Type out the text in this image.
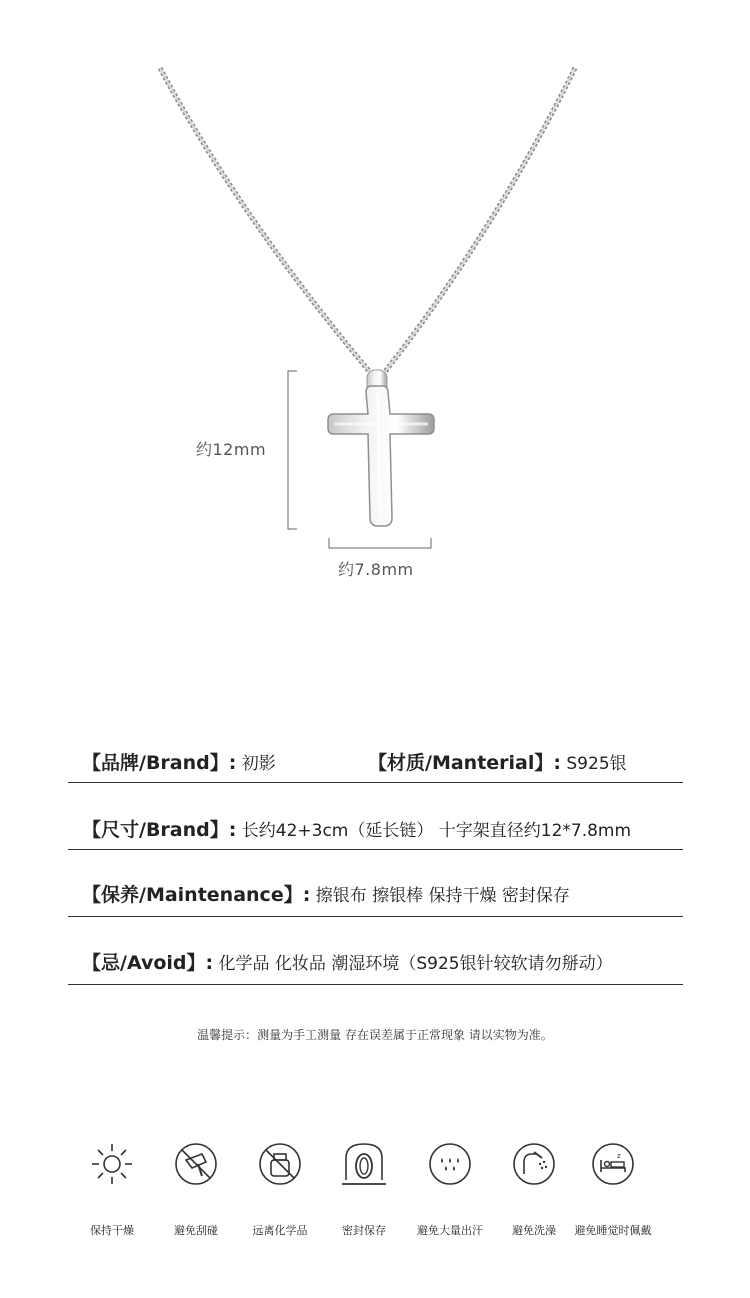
约12mm
约7.8mm
【品牌/Brand】: 初影	【材质/Manterial】: S925银
【尺寸/Brand】: 长约42+3cm（延长链） 十字架直径约12*7.8mm
【保养/Maintenance】: 擦银布 擦银棒 保持干燥 密封保存
【忌/Avoid】: 化学品 化妆品 潮湿环境（S925银针较软请勿掰动）
温馨提示：测量为手工测量 存在误差属于正常现象 请以实物为准。
保持干燥	避免刮碰	远离化学品	密封保存	避免大量出汗	避免洗澡
z
避免睡觉时佩戴
